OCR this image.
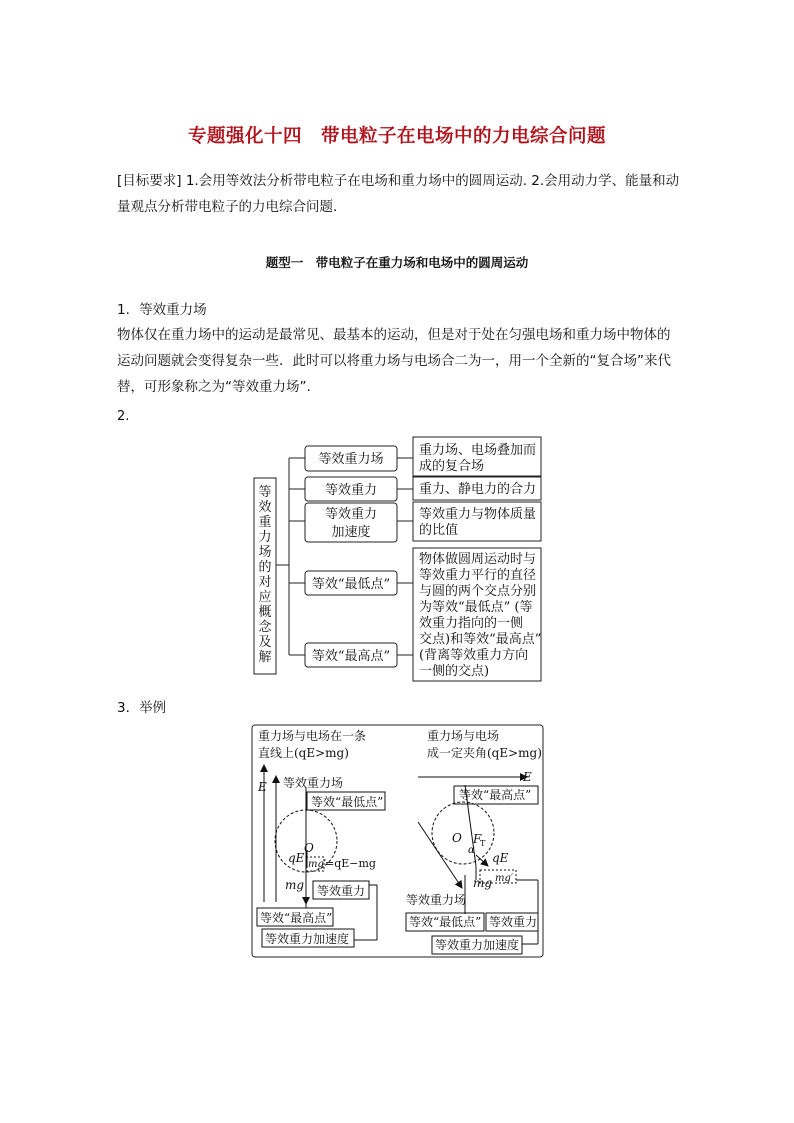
专题强化十四　带电粒子在电场中的力电综合问题
[目标要求] 1.会用等效法分析带电粒子在电场和重力场中的圆周运动. 2.会用动力学、能量和动量观点分析带电粒子的力电综合问题.
题型一　带电粒子在重力场和电场中的圆周运动
1．等效重力场
物体仅在重力场中的运动是最常见、最基本的运动，但是对于处在匀强电场和重力场中物体的运动问题就会变得复杂一些．此时可以将重力场与电场合二为一，用一个全新的“复合场”来代替，可形象称之为“等效重力场”.
2.
等
效
重
力
场
的
对
应
概
念
及
解
等效重力场
等效重力
等效重力
加速度
等效“最低点”
等效“最高点”
重力场、电场叠加而
成的复合场
重力、静电力的合力
等效重力与物体质量
的比值
物体做圆周运动时与
等效重力平行的直径
与圆的两个交点分别
为等效“最低点” (等
效重力指向的一侧
交点)和等效“最高点”
(背离等效重力方向
一侧的交点)
3．举例
重力场与电场在一条
直线上(qE>mg)
E 等效重力场
等效“最低点”
O
qE mg′
=qE−mg
mg 等效重力
等效“最高点”
等效重力加速度
重力场与电场
成一定夹角(qE>mg)
E
等效“最高点”
O F
T
α
qE
mg mg′
等效重力场
等效“最低点” 等效重力
等效重力加速度
